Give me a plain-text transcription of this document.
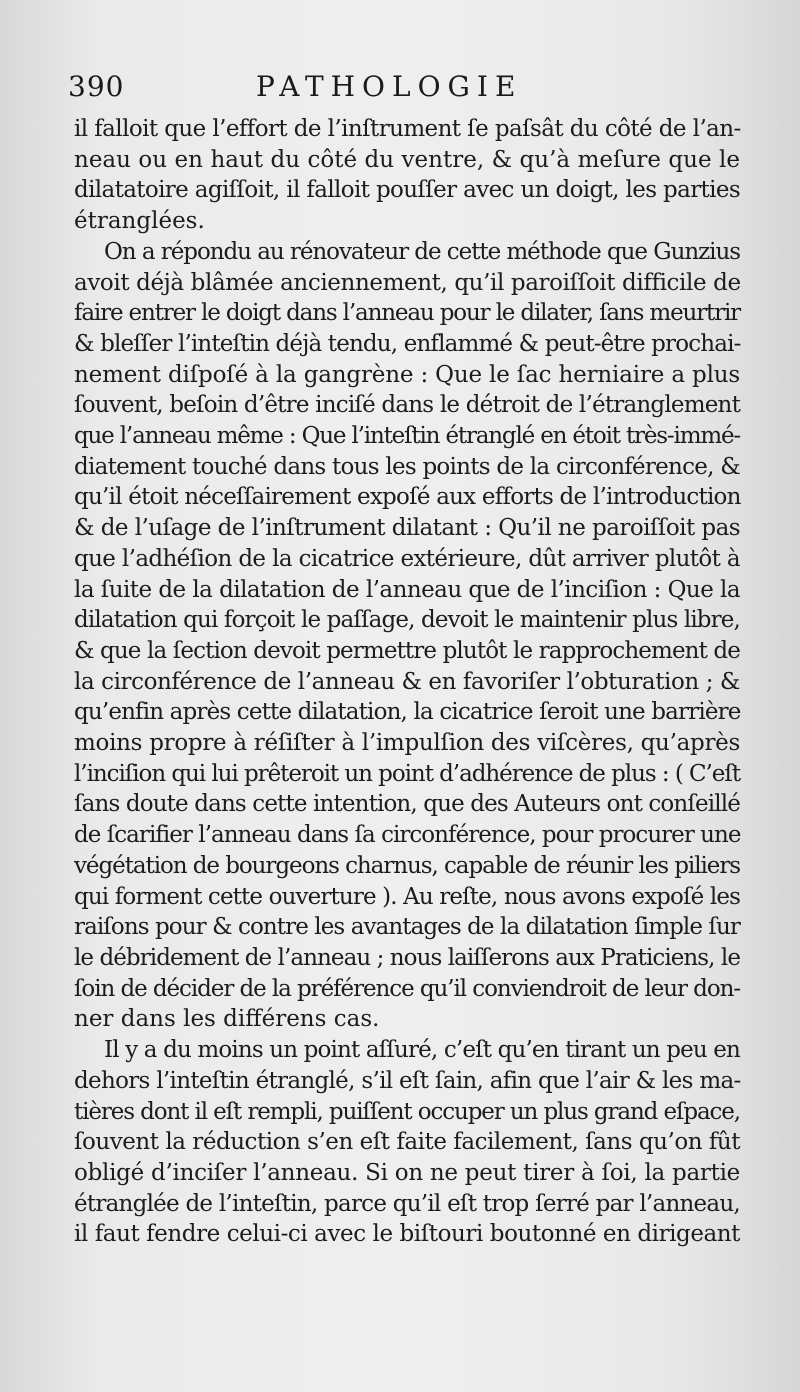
390	PATHOLOGIE

il falloit que l’effort de l’inſtrument ſe paſsât du côté de l’an-
neau ou en haut du côté du ventre, & qu’à meſure que le
dilatatoire agiſſoit, il falloit pouſſer avec un doigt, les parties
étranglées.

On a répondu au rénovateur de cette méthode que Gunzius
avoit déjà blâmée anciennement, qu’il paroiſſoit difficile de
faire entrer le doigt dans l’anneau pour le dilater, ſans meurtrir
& bleſſer l’inteſtin déjà tendu, enflammé & peut-être prochai-
nement diſpoſé à la gangrène : Que le ſac herniaire a plus
ſouvent, beſoin d’être inciſé dans le détroit de l’étranglement
que l’anneau même : Que l’inteſtin étranglé en étoit très-immé-
diatement touché dans tous les points de la circonférence, &
qu’il étoit néceſſairement expoſé aux efforts de l’introduction
& de l’uſage de l’inſtrument dilatant : Qu’il ne paroiſſoit pas
que l’adhéſion de la cicatrice extérieure, dût arriver plutôt à
la ſuite de la dilatation de l’anneau que de l’inciſion : Que la
dilatation qui forçoit le paſſage, devoit le maintenir plus libre,
& que la ſection devoit permettre plutôt le rapprochement de
la circonférence de l’anneau & en favoriſer l’obturation ; &
qu’enfin après cette dilatation, la cicatrice ſeroit une barrière
moins propre à réſiſter à l’impulſion des viſcères, qu’après
l’inciſion qui lui prêteroit un point d’adhérence de plus : ( C’eſt
ſans doute dans cette intention, que des Auteurs ont conſeillé
de ſcarifier l’anneau dans ſa circonférence, pour procurer une
végétation de bourgeons charnus, capable de réunir les piliers
qui forment cette ouverture ). Au reſte, nous avons expoſé les
raiſons pour & contre les avantages de la dilatation ſimple ſur
le débridement de l’anneau ; nous laiſſerons aux Praticiens, le
ſoin de décider de la préférence qu’il conviendroit de leur don-
ner dans les différens cas.

Il y a du moins un point aſſuré, c’eſt qu’en tirant un peu en
dehors l’inteſtin étranglé, s’il eſt ſain, afin que l’air & les ma-
tières dont il eſt rempli, puiſſent occuper un plus grand eſpace,
ſouvent la réduction s’en eſt faite facilement, ſans qu’on fût
obligé d’inciſer l’anneau. Si on ne peut tirer à ſoi, la partie
étranglée de l’inteſtin, parce qu’il eſt trop ſerré par l’anneau,
il faut fendre celui-ci avec le biſtouri boutonné en dirigeant
